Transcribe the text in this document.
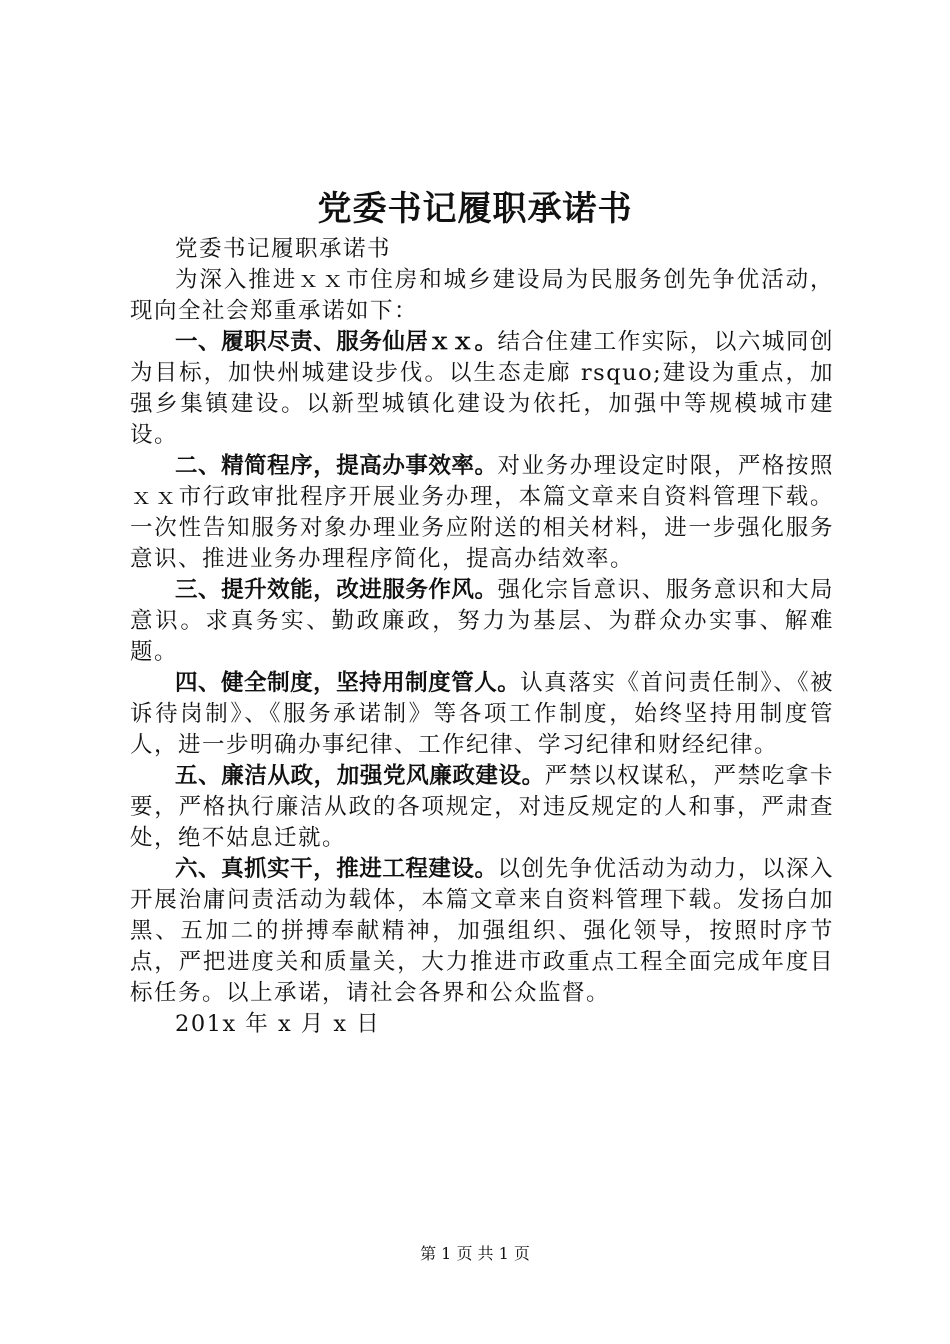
党委书记履职承诺书

党委书记履职承诺书

为深入推进ｘｘ市住房和城乡建设局为民服务创先争优活动，现向全社会郑重承诺如下：

一、履职尽责、服务仙居ｘｘ。结合住建工作实际，以六城同创为目标，加快州城建设步伐。以生态走廊 rsquo;建设为重点，加强乡集镇建设。以新型城镇化建设为依托，加强中等规模城市建设。

二、精简程序，提高办事效率。对业务办理设定时限，严格按照ｘｘ市行政审批程序开展业务办理，本篇文章来自资料管理下载。一次性告知服务对象办理业务应附送的相关材料，进一步强化服务意识、推进业务办理程序简化，提高办结效率。

三、提升效能，改进服务作风。强化宗旨意识、服务意识和大局意识。求真务实、勤政廉政，努力为基层、为群众办实事、解难题。

四、健全制度，坚持用制度管人。认真落实《首问责任制》、《被诉待岗制》、《服务承诺制》等各项工作制度，始终坚持用制度管人，进一步明确办事纪律、工作纪律、学习纪律和财经纪律。

五、廉洁从政，加强党风廉政建设。严禁以权谋私，严禁吃拿卡要，严格执行廉洁从政的各项规定，对违反规定的人和事，严肃查处，绝不姑息迁就。

六、真抓实干，推进工程建设。以创先争优活动为动力，以深入开展治庸问责活动为载体，本篇文章来自资料管理下载。发扬白加黑、五加二的拼搏奉献精神，加强组织、强化领导，按照时序节点，严把进度关和质量关，大力推进市政重点工程全面完成年度目标任务。以上承诺，请社会各界和公众监督。

201x 年 x 月 x 日

第 1 页 共 1 页
